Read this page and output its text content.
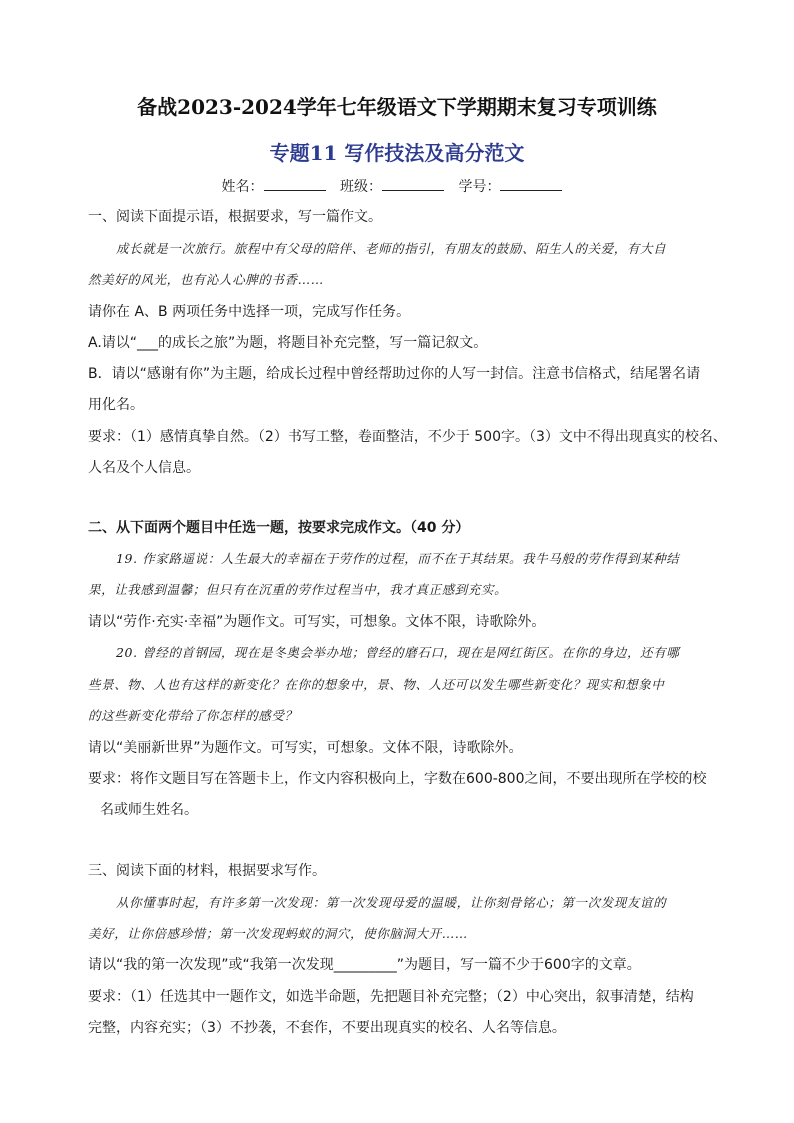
备战2023-2024学年七年级语文下学期期末复习专项训练
专题11 写作技法及高分范文
姓名：	班级：	学号：
一、阅读下面提示语，根据要求，写一篇作文。
成长就是一次旅行。旅程中有父母的陪伴、老师的指引，有朋友的鼓励、陌生人的关爱，有大自
然美好的风光，也有沁人心脾的书香……
请你在 A、B 两项任务中选择一项，完成写作任务。
A.请以“___的成长之旅”为题，将题目补充完整，写一篇记叙文。
B．请以“感谢有你”为主题，给成长过程中曾经帮助过你的人写一封信。注意书信格式，结尾署名请
用化名。
要求：（1）感情真挚自然。（2）书写工整，卷面整洁，不少于 500字。（3）文中不得出现真实的校名、
人名及个人信息。
二、从下面两个题目中任选一题，按要求完成作文。（40 分）
19. 作家路遥说：人生最大的幸福在于劳作的过程，而不在于其结果。我牛马般的劳作得到某种结
果，让我感到温馨；但只有在沉重的劳作过程当中，我才真正感到充实。
请以“劳作·充实·幸福”为题作文。可写实，可想象。文体不限，诗歌除外。
20. 曾经的首钢园，现在是冬奥会举办地；曾经的磨石口，现在是网红街区。在你的身边，还有哪
些景、物、人也有这样的新变化？在你的想象中，景、物、人还可以发生哪些新变化？现实和想象中
的这些新变化带给了你怎样的感受？
请以“美丽新世界”为题作文。可写实，可想象。文体不限，诗歌除外。
要求：将作文题目写在答题卡上，作文内容积极向上，字数在600-800之间，不要出现所在学校的校
名或师生姓名。
三、阅读下面的材料，根据要求写作。
从你懂事时起，有许多第一次发现：第一次发现母爱的温暖，让你刻骨铭心；第一次发现友谊的
美好，让你倍感珍惜；第一次发现蚂蚁的洞穴，使你脑洞大开……
请以“我的第一次发现”或“我第一次发现_________”为题目，写一篇不少于600字的文章。
要求：（1）任选其中一题作文，如选半命题，先把题目补充完整；（2）中心突出，叙事清楚，结构
完整，内容充实；（3）不抄袭，不套作，不要出现真实的校名、人名等信息。
